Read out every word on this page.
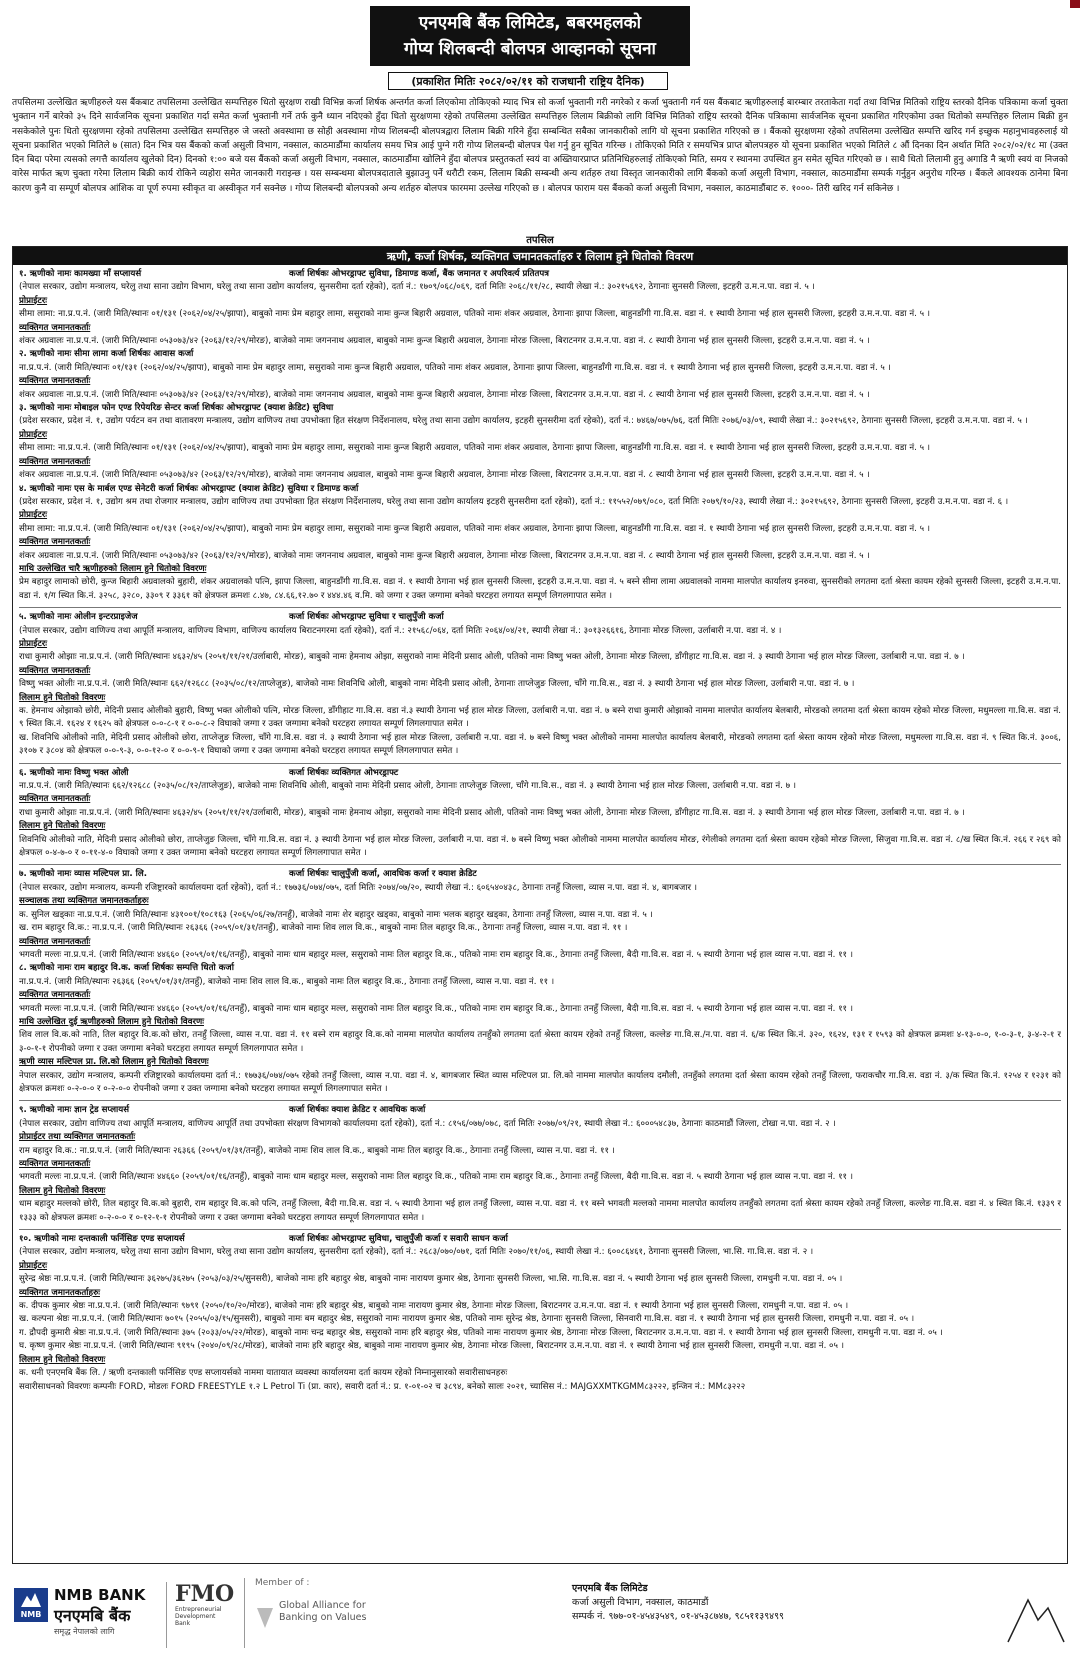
एनएमबि बैंक लिमिटेड, बबरमहलको
गोप्य शिलबन्दी बोलपत्र आव्हानको सूचना
(प्रकाशित मितिः २०८२/०२/११ को राजधानी राष्ट्रिय दैनिक)
तपसिलमा उल्लेखित ऋणीहरुले यस बैंकबाट तपसिलमा उल्लेखित सम्पत्तिहरु धितो सुरक्षण राखी विभिन्न कर्जा शिर्षक अन्तर्गत कर्जा लिएकोमा तोकिएको म्याद भित्र सो कर्जा भुक्तानी गरी नगरेको र कर्जा भुक्तानी गर्न यस बैंकबाट ऋणीहरुलाई बारम्बार तरताकेता गर्दा तथा विभिन्न मितिको राष्ट्रिय स्तरको दैनिक पत्रिकामा कर्जा चुक्ता भुक्तान गर्ने बारेको ३५ दिने सार्वजनिक सूचना प्रकाशित गर्दा समेत कर्जा भुक्तानी गर्ने तर्फ कुनै ध्यान नदिएको हुँदा धितो सुरक्षणमा रहेको तपसिलमा उल्लेखित सम्पत्तिहरु लिलाम बिक्रीको लागि विभिन्न मितिको राष्ट्रिय स्तरको दैनिक पत्रिकामा सार्वजनिक सूचना प्रकाशित गरिएकोमा उक्त धितोको सम्पत्तिहरु लिलाम बिक्री हुन नसकेकोले पुनः धितो सुरक्षणमा रहेको तपसिलमा उल्लेखित सम्पत्तिहरु जे जस्तो अवस्थामा छ सोही अवस्थामा गोप्य शिलबन्दी बोलपत्रद्वारा लिलाम बिक्री गरिने हुँदा सम्बन्धित सबैका जानकारीको लागि यो सूचना प्रकाशित गरिएको छ । बैंकको सुरक्षणमा रहेको तपसिलमा उल्लेखित सम्पत्ति खरिद गर्न इच्छुक महानुभावहरुलाई यो सूचना प्रकाशित भएको मितिले ७ (सात) दिन भित्र यस बैंकको कर्जा असुली विभाग, नक्साल, काठमाडौंमा कार्यालय समय भित्र आई पुग्ने गरी गोप्य शिलबन्दी बोलपत्र पेश गर्नु हुन सूचित गरिन्छ । तोकिएको मिति र समयभित्र प्राप्त बोलपत्रहरु यो सूचना प्रकाशित भएको मितिले ८ औं दिनका दिन अर्थात मिति २०८२/०२/१८ मा (उक्त दिन बिदा परेमा त्यसको लगत्तै कार्यालय खुलेको दिन) दिनको १:०० बजे यस बैंकको कर्जा असुली विभाग, नक्साल, काठमाडौंमा खोलिने हुँदा बोलपत्र प्रस्तुतकर्ता स्वयं वा अख्तियारप्राप्त प्रतिनिधिहरुलाई तोकिएको मिति, समय र स्थानमा उपस्थित हुन समेत सूचित गरिएको छ । साथै धितो लिलामी हुनु अगाडि नै ऋणी स्वयं वा निजको वारेस मार्फत ऋण चुक्ता गरेमा लिलाम बिक्री कार्य रोकिने व्यहोरा समेत जानकारी गराइन्छ । यस सम्बन्धमा बोलपत्रदाताले बुझाउनु पर्ने धरौटी रकम, लिलाम बिक्री सम्बन्धी अन्य शर्तहरु तथा विस्तृत जानकारीको लागि बैंकको कर्जा असुली विभाग, नक्साल, काठमाडौंमा सम्पर्क गर्नुहुन अनुरोध गरिन्छ । बैंकले आवश्यक ठानेमा बिना कारण कुनै वा सम्पूर्ण बोलपत्र आंशिक वा पूर्ण रुपमा स्वीकृत वा अस्वीकृत गर्न सक्नेछ । गोप्य शिलबन्दी बोलपत्रको अन्य शर्तहरु बोलपत्र फारममा उल्लेख गरिएको छ । बोलपत्र फाराम यस बैंकको कर्जा असुली विभाग, नक्साल, काठमाडौंबाट रु. १०००- तिरी खरिद गर्न सकिनेछ ।
तपसिल
ऋणी, कर्जा शिर्षक, व्यक्तिगत जमानतकर्ताहरु र लिलाम हुने धितोको विवरण
१. ऋणीको नामः कामख्या माँ सप्लायर्स	कर्जा शिर्षकः ओभरड्राफ्ट सुविधा, डिमाण्ड कर्जा, बैंक जमानत र अपरिवर्त्य प्रतितपत्र
(नेपाल सरकार, उद्योग मन्त्रालय, घरेलु तथा साना उद्योग विभाग, घरेलु तथा साना उद्योग कार्यालय, सुनसरीमा दर्ता रहेको), दर्ता नं.: १७०९/०६८/०६९, दर्ता मितिः २०६८/११/२८, स्थायी लेखा नं.: ३०२१५६९२, ठेगानाः सुनसरी जिल्ला, इटहरी उ.म.न.पा. वडा नं. ५ ।
प्रोप्राईटरः
सीमा लामा: ना.प्र.प.नं. (जारी मिति/स्थानः ०१/१३१ (२०६२/०४/२५/झापा), बाबुको नामः प्रेम बहादुर लामा, ससुराको नामः कुन्ज बिहारी अग्रवाल, पतिको नामः शंकर अग्रवाल, ठेगानाः झापा जिल्ला, बाहुनडाँगी गा.वि.स. वडा नं. १ स्थायी ठेगाना भई हाल सुनसरी जिल्ला, इटहरी उ.म.न.पा. वडा नं. ५ ।
व्यक्तिगत जमानतकर्ताः
शंकर अग्रवालः ना.प्र.प.नं. (जारी मिति/स्थानः ०५३०७३/४२ (२०६३/१२/२९/मोरङ), बाजेको नामः जगननाथ अग्रवाल, बाबुको नामः कुन्ज बिहारी अग्रवाल, ठेगानाः मोरङ जिल्ला, बिराटनगर उ.म.न.पा. वडा नं. ८ स्थायी ठेगाना भई हाल सुनसरी जिल्ला, इटहरी उ.म.न.पा. वडा नं. ५ ।
२. ऋणीको नामः सीमा लामा कर्जा शिर्षकः आवास कर्जा
ना.प्र.प.नं. (जारी मिति/स्थानः ०१/१३१ (२०६२/०४/२५/झापा), बाबुको नामः प्रेम बहादुर लामा, ससुराको नामः कुन्ज बिहारी अग्रवाल, पतिको नामः शंकर अग्रवाल, ठेगानाः झापा जिल्ला, बाहुनडाँगी गा.वि.स. वडा नं. १ स्थायी ठेगाना भई हाल सुनसरी जिल्ला, इटहरी उ.म.न.पा. वडा नं. ५ ।
व्यक्तिगत जमानतकर्ताः
शंकर अग्रवालः ना.प्र.प.नं. (जारी मिति/स्थानः ०५३०७३/४२ (२०६३/१२/२९/मोरङ), बाजेको नामः जगननाथ अग्रवाल, बाबुको नामः कुन्ज बिहारी अग्रवाल, ठेगानाः मोरङ जिल्ला, बिराटनगर उ.म.न.पा. वडा नं. ८ स्थायी ठेगाना भई हाल सुनसरी जिल्ला, इटहरी उ.म.न.पा. वडा नं. ५ ।
३. ऋणीको नामः मोबाइल फोन एण्ड रिपेयरिङ सेन्टर कर्जा शिर्षकः ओभरड्राफ्ट (क्याश क्रेडिट) सुविधा
(प्रदेश सरकार, प्रदेश नं. १, उद्योग पर्यटन वन तथा वातावरण मन्त्रालय, उद्योग वाणिज्य तथा उपभोक्ता हित संरक्षण निर्देशनालय, घरेलु तथा साना उद्योग कार्यालय, इटहरी सुनसरीमा दर्ता रहेको), दर्ता नं.: ७४६७/०७५/७६, दर्ता मितिः २०७६/०३/०९, स्थायी लेखा नं.: ३०२१५६९२, ठेगानाः सुनसरी जिल्ला, इटहरी उ.म.न.पा. वडा नं. ५ ।
प्रोप्राईटरः
सीमा लामा: ना.प्र.प.नं. (जारी मिति/स्थानः ०१/१३१ (२०६२/०४/२५/झापा), बाबुको नामः प्रेम बहादुर लामा, ससुराको नामः कुन्ज बिहारी अग्रवाल, पतिको नामः शंकर अग्रवाल, ठेगानाः झापा जिल्ला, बाहुनडाँगी गा.वि.स. वडा नं. १ स्थायी ठेगाना भई हाल सुनसरी जिल्ला, इटहरी उ.म.न.पा. वडा नं. ५ ।
व्यक्तिगत जमानतकर्ताः
शंकर अग्रवालः ना.प्र.प.नं. (जारी मिति/स्थानः ०५३०७३/४२ (२०६३/१२/२९/मोरङ), बाजेको नामः जगननाथ अग्रवाल, बाबुको नामः कुन्ज बिहारी अग्रवाल, ठेगानाः मोरङ जिल्ला, बिराटनगर उ.म.न.पा. वडा नं. ८ स्थायी ठेगाना भई हाल सुनसरी जिल्ला, इटहरी उ.म.न.पा. वडा नं. ५ ।
४. ऋणीको नामः एस के मार्बल एण्ड सेनेटरी कर्जा शिर्षकः ओभरड्राफ्ट (क्याश क्रेडिट) सुविधा र डिमाण्ड कर्जा
(प्रदेश सरकार, प्रदेश नं. १, उद्योग श्रम तथा रोजगार मन्त्रालय, उद्योग वाणिज्य तथा उपभोक्ता हित संरक्षण निर्देशनालय, घरेलु तथा साना उद्योग कार्यालय इटहरी सुनसरीमा दर्ता रहेको), दर्ता नं.: ११५५२/०७९/०८०, दर्ता मितिः २०७९/१०/२३, स्थायी लेखा नं.: ३०२१५६९२, ठेगानाः सुनसरी जिल्ला, इटहरी उ.म.न.पा. वडा नं. ६ ।
प्रोप्राईटरः
सीमा लामा: ना.प्र.प.नं. (जारी मिति/स्थानः ०१/१३१ (२०६२/०४/२५/झापा), बाबुको नामः प्रेम बहादुर लामा, ससुराको नामः कुन्ज बिहारी अग्रवाल, पतिको नामः शंकर अग्रवाल, ठेगानाः झापा जिल्ला, बाहुनडाँगी गा.वि.स. वडा नं. १ स्थायी ठेगाना भई हाल सुनसरी जिल्ला, इटहरी उ.म.न.पा. वडा नं. ५ ।
व्यक्तिगत जमानतकर्ताः
शंकर अग्रवालः ना.प्र.प.नं. (जारी मिति/स्थानः ०५३०७३/४२ (२०६३/१२/२९/मोरङ), बाजेको नामः जगननाथ अग्रवाल, बाबुको नामः कुन्ज बिहारी अग्रवाल, ठेगानाः मोरङ जिल्ला, बिराटनगर उ.म.न.पा. वडा नं. ८ स्थायी ठेगाना भई हाल सुनसरी जिल्ला, इटहरी उ.म.न.पा. वडा नं. ५ ।
माथि उल्लेखित चारै ऋणीहरुको लिलाम हुने धितोको विवरणः
प्रेम बहादुर लामाको छोरी, कुन्ज बिहारी अग्रवालको बुहारी, शंकर अग्रवालको पत्नि, झापा जिल्ला, बाहुनडाँगी गा.वि.स. वडा नं. १ स्थायी ठेगाना भई हाल सुनसरी जिल्ला, इटहरी उ.म.न.पा. वडा नं. ५ बस्ने सीमा लामा अग्रवालको नाममा मालपोत कार्यालय इनरुवा, सुनसरीको लगतमा दर्ता श्रेस्ता कायम रहेको सुनसरी जिल्ला, इटहरी उ.म.न.पा. वडा नं. १/ग स्थित कि.नं. ३२५८, ३२८०, ३३०९ र ३३६१ को क्षेत्रफल क्रमशः ८.४७, ८४.६६,१२.७० र ४४४.४६ व.मि. को जग्गा र उक्त जग्गामा बनेको घरटहरा लगायत सम्पूर्ण लिगलगापात समेत ।
५. ऋणीको नामः ओलीन इन्टरप्राइजेज	कर्जा शिर्षकः ओभरड्राफ्ट सुविधा र चालुपुँजी कर्जा
(नेपाल सरकार, उद्योग वाणिज्य तथा आपूर्ति मन्त्रालय, वाणिज्य विभाग, वाणिज्य कार्यालय बिराटनगरमा दर्ता रहेको), दर्ता नं.: २१५६८/०६४, दर्ता मितिः २०६४/०४/२१, स्थायी लेखा नं.: ३०१३२६६१६, ठेगानाः मोरङ जिल्ला, उर्लाबारी न.पा. वडा नं. ४ ।
प्रोप्राईटरः
राधा कुमारी ओझाः ना.प्र.प.नं. (जारी मिति/स्थानः ४६३२/४५ (२०५१/११/२१/उर्लाबारी, मोरङ), बाबुको नामः हेमनाथ ओझा, ससुराको नामः मेदिनी प्रसाद ओली, पतिको नामः विष्णु भक्त ओली, ठेगानाः मोरङ जिल्ला, डाँगीहाट गा.वि.स. वडा नं. ३ स्थायी ठेगाना भई हाल मोरङ जिल्ला, उर्लाबारी न.पा. वडा नं. ७ ।
व्यक्तिगत जमानतकर्ताः
विष्णु भक्त ओलीः ना.प्र.प.नं. (जारी मिति/स्थानः ६६२/१२६८८ (२०३५/०८/१२/ताप्लेजुङ), बाजेको नामः शिवनिधि ओली, बाबुको नामः मेदिनी प्रसाद ओली, ठेगानाः ताप्लेजुङ जिल्ला, चाँगे गा.वि.स., वडा नं. ३ स्थायी ठेगाना भई हाल मोरङ जिल्ला, उर्लाबारी न.पा. वडा नं. ७ ।
लिलाम हुने धितोको विवरणः
क. हेमनाथ ओझाको छोरी, मेदिनी प्रसाद ओलीको बुहारी, विष्णु भक्त ओलीको पत्नि, मोरङ जिल्ला, डाँगीहाट गा.वि.स. वडा नं.३ स्थायी ठेगाना भई हाल मोरङ जिल्ला, उर्लाबारी न.पा. वडा नं. ७ बस्ने राधा कुमारी ओझाको नाममा मालपोत कार्यालय बेलबारी, मोरङको लगतमा दर्ता श्रेस्ता कायम रहेको मोरङ जिल्ला, मधुमल्ला गा.वि.स. वडा नं. ९ स्थित कि.नं. १६२४ र १६२५ को क्षेत्रफल ०-०-८-१ र ०-०-८-२ विघाको जग्गा र उक्त जग्गामा बनेको घरटहरा लगायत सम्पूर्ण लिगलगापात समेत ।
ख. शिवनिधि ओलीको नाति, मेदिनी प्रसाद ओलीको छोरा, ताप्लेजुङ जिल्ला, चाँगे गा.वि.स. वडा नं. ३ स्थायी ठेगाना भई हाल मोरङ जिल्ला, उर्लाबारी न.पा. वडा नं. ७ बस्ने विष्णु भक्त ओलीको नाममा मालपोत कार्यालय बेलबारी, मोरङको लगतमा दर्ता श्रेस्ता कायम रहेको मोरङ जिल्ला, मधुमल्ला गा.वि.स. वडा नं. ९ स्थित कि.नं. ३००६, ३१०७ र ३८०४ को क्षेत्रफल ०-०-९-३, ०-०-१२-० र ०-०-९-१ विघाको जग्गा र उक्त जग्गामा बनेको घरटहरा लगायत सम्पूर्ण लिगलगापात समेत ।
६. ऋणीको नामः विष्णु भक्त ओली	कर्जा शिर्षकः व्यक्तिगत ओभरड्राफ्ट
ना.प्र.प.नं. (जारी मिति/स्थानः ६६२/१२६८८ (२०३५/०८/१२/ताप्लेजुङ), बाजेको नामः शिवनिधि ओली, बाबुको नामः मेदिनी प्रसाद ओली, ठेगानाः ताप्लेजुङ जिल्ला, चाँगे गा.वि.स., वडा नं. ३ स्थायी ठेगाना भई हाल मोरङ जिल्ला, उर्लाबारी न.पा. वडा नं. ७ ।
व्यक्तिगत जमानतकर्ताः
राधा कुमारी ओझाः ना.प्र.प.नं. (जारी मिति/स्थानः ४६३२/४५ (२०५१/११/२१/उर्लाबारी, मोरङ), बाबुको नामः हेमनाथ ओझा, ससुराको नामः मेदिनी प्रसाद ओली, पतिको नामः विष्णु भक्त ओली, ठेगानाः मोरङ जिल्ला, डाँगीहाट गा.वि.स. वडा नं. ३ स्थायी ठेगाना भई हाल मोरङ जिल्ला, उर्लाबारी न.पा. वडा नं. ७ ।
लिलाम हुने धितोको विवरणः
शिवनिधि ओलीको नाति, मेदिनी प्रसाद ओलीको छोरा, ताप्लेजुङ जिल्ला, चाँगे गा.वि.स. वडा नं. ३ स्थायी ठेगाना भई हाल मोरङ जिल्ला, उर्लाबारी न.पा. वडा नं. ७ बस्ने विष्णु भक्त ओलीको नाममा मालपोत कार्यालय मोरङ, रंगेलीको लगतमा दर्ता श्रेस्ता कायम रहेको मोरङ जिल्ला, सिजुवा गा.वि.स. वडा नं. ८/ख स्थित कि.नं. २६६ र २६९ को क्षेत्रफल ०-४-७-० र ०-११-४-० विघाको जग्गा र उक्त जग्गामा बनेको घरटहरा लगायत सम्पूर्ण लिगलगापात समेत ।
७. ऋणीको नामः व्यास मल्टिपल प्रा. लि.	कर्जा शिर्षकः चालुपुँजी कर्जा, आवधिक कर्जा र क्याश क्रेडिट
(नेपाल सरकार, उद्योग मन्त्रालय, कम्पनी रजिष्ट्रारको कार्यालयमा दर्ता रहेको), दर्ता नं.: १७७३६/०७४/०७५, दर्ता मितिः २०७४/०७/२०, स्थायी लेखा नं.: ६०६५४०४३८, ठेगानाः तनहुँ जिल्ला, व्यास न.पा. वडा नं. ४, बागबजार ।
सञ्चालक तथा व्यक्तिगत जमानतकर्ताहरुः
क. सुनिल खड्काः ना.प्र.प.नं. (जारी मिति/स्थानः ४३१००१/१०८१६३ (२०६५/०६/२७/तनहुँ), बाजेको नामः शेर बहादुर खड्का, बाबुको नामः भलक बहादुर खड्का, ठेगानाः तनहुँ जिल्ला, व्यास न.पा. वडा नं. ५ ।
ख. राम बहादुर वि.क.: ना.प्र.प.नं. (जारी मिति/स्थानः २६३६६ (२०५९/०१/३१/तनहुँ), बाजेको नामः शिव लाल वि.क., बाबुको नामः तिल बहादुर वि.क., ठेगानाः तनहुँ जिल्ला, व्यास न.पा. वडा नं. ११ ।
व्यक्तिगत जमानतकर्ताः
भगवती मल्लः ना.प्र.प.नं. (जारी मिति/स्थानः ४४६६० (२०५९/०१/१६/तनहुँ), बाबुको नामः धाम बहादुर मल्ल, ससुराको नामः तिल बहादुर वि.क., पतिको नामः राम बहादुर वि.क., ठेगानाः तनहुँ जिल्ला, बैदी गा.वि.स. वडा नं. ५ स्थायी ठेगाना भई हाल व्यास न.पा. वडा नं. ११ ।
८. ऋणीको नामः राम बहादुर वि.क. कर्जा शिर्षकः सम्पत्ति धितो कर्जा
ना.प्र.प.नं. (जारी मिति/स्थानः २६३६६ (२०५९/०१/३१/तनहुँ), बाजेको नामः शिव लाल वि.क., बाबुको नामः तिल बहादुर वि.क., ठेगानाः तनहुँ जिल्ला, व्यास न.पा. वडा नं. ११ ।
व्यक्तिगत जमानतकर्ताः
भगवती मल्लः ना.प्र.प.नं. (जारी मिति/स्थानः ४४६६० (२०५९/०१/१६/तनहुँ), बाबुको नामः धाम बहादुर मल्ल, ससुराको नामः तिल बहादुर वि.क., पतिको नामः राम बहादुर वि.क., ठेगानाः तनहुँ जिल्ला, बैदी गा.वि.स. वडा नं. ५ स्थायी ठेगाना भई हाल व्यास न.पा. वडा नं. ११ ।
माथि उल्लेखित दुई ऋणीहरुको लिलाम हुने धितोको विवरणः
शिव लाल वि.क.को नाति, तिल बहादुर वि.क.को छोरा, तनहुँ जिल्ला, व्यास न.पा. वडा नं. ११ बस्ने राम बहादुर वि.क.को नाममा मालपोत कार्यालय तनहुँको लगतमा दर्ता श्रेस्ता कायम रहेको तनहुँ जिल्ला, कल्लेङ गा.वि.स./न.पा. वडा नं. ६/क स्थित कि.नं. ३२०, १६२४, १३१ र १५९३ को क्षेत्रफल क्रमशः ४-१३-०-०, १-०-३-१, ३-४-२-१ र ३-०-१-१ रोपनीको जग्गा र उक्त जग्गामा बनेको घरटहरा लगायत सम्पूर्ण लिगलगापात समेत ।
ऋणी व्यास मल्टिपल प्रा. लि.को लिलाम हुने धितोको विवरणः
नेपाल सरकार, उद्योग मन्त्रालय, कम्पनी रजिष्ट्रारको कार्यालयमा दर्ता नं.: १७७३६/०७४/०७५ रहेको तनहुँ जिल्ला, व्यास न.पा. वडा नं. ४, बागबजार स्थित व्यास मल्टिपल प्रा. लि.को नाममा मालपोत कार्यालय दमौली, तनहुँको लगतमा दर्ता श्रेस्ता कायम रहेको तनहुँ जिल्ला, फराकचौर गा.वि.स. वडा नं. ३/क स्थित कि.नं. १२५४ र १२३१ को क्षेत्रफल क्रमशः ०-२-०-० र ०-२-०-० रोपनीको जग्गा र उक्त जग्गामा बनेको घरटहरा लगायत सम्पूर्ण लिगलगापात समेत ।
९. ऋणीको नामः ज्ञान ट्रेड सप्लायर्स	कर्जा शिर्षकः क्याश क्रेडिट र आवधिक कर्जा
(नेपाल सरकार, उद्योग वाणिज्य तथा आपूर्ति मन्त्रालय, वाणिज्य आपूर्ति तथा उपभोक्ता संरक्षण विभागको कार्यालयमा दर्ता रहेको), दर्ता नं.: ८१५६/०७७/०७८, दर्ता मितिः २०७७/०९/२१, स्थायी लेखा नं.: ६०००५४८३७, ठेगानाः काठमाडौं जिल्ला, टोखा न.पा. वडा नं. २ ।
प्रोप्राईटर तथा व्यक्तिगत जमानतकर्ताः
राम बहादुर वि.क.: ना.प्र.प.नं. (जारी मिति/स्थानः २६३६६ (२०५९/०१/३१/तनहुँ), बाजेको नामः शिव लाल वि.क., बाबुको नामः तिल बहादुर वि.क., ठेगानाः तनहुँ जिल्ला, व्यास न.पा. वडा नं. ११ ।
व्यक्तिगत जमानतकर्ताः
भगवती मल्लः ना.प्र.प.नं. (जारी मिति/स्थानः ४४६६० (२०५९/०१/१६/तनहुँ), बाबुको नामः धाम बहादुर मल्ल, ससुराको नामः तिल बहादुर वि.क., पतिको नामः राम बहादुर वि.क., ठेगानाः तनहुँ जिल्ला, बैदी गा.वि.स. वडा नं. ५ स्थायी ठेगाना भई हाल व्यास न.पा. वडा नं. ११ ।
लिलाम हुने धितोको विवरणः
धाम बहादुर मल्लको छोरी, तिल बहादुर वि.क.को बुहारी, राम बहादुर वि.क.को पत्नि, तनहुँ जिल्ला, बैदी गा.वि.स. वडा नं. ५ स्थायी ठेगाना भई हाल तनहुँ जिल्ला, व्यास न.पा. वडा नं. ११ बस्ने भगवती मल्लको नाममा मालपोत कार्यालय तनहुँको लगतमा दर्ता श्रेस्ता कायम रहेको तनहुँ जिल्ला, कल्लेङ गा.वि.स. वडा नं. ४ स्थित कि.नं. १३३९ र १३३३ को क्षेत्रफल क्रमशः ०-२-०-० र ०-१२-१-१ रोपनीको जग्गा र उक्त जग्गामा बनेको घरटहरा लगायत सम्पूर्ण लिगलगापात समेत ।
१०. ऋणीको नामः दन्तकाली फर्निसिङ एण्ड सप्लायर्स	कर्जा शिर्षकः ओभरड्राफ्ट सुविधा, चालुपुँजी कर्जा र सवारी साधन कर्जा
(नेपाल सरकार, उद्योग मन्त्रालय, घरेलु तथा साना उद्योग विभाग, घरेलु तथा साना उद्योग कार्यालय, सुनसरीमा दर्ता रहेको), दर्ता नं.: २६८३/०७०/०७१, दर्ता मितिः २०७०/११/०६, स्थायी लेखा नं.: ६००८६४६१, ठेगानाः सुनसरी जिल्ला, भा.सि. गा.वि.स. वडा नं. २ ।
प्रोप्राईटरः
सुरेन्द्र श्रेष्ठः ना.प्र.प.नं. (जारी मिति/स्थानः ३६२७५/३६२७५ (२०५३/०३/२५/सुनसरी), बाजेको नामः हरि बहादुर श्रेष्ठ, बाबुको नामः नारायण कुमार श्रेष्ठ, ठेगानाः सुनसरी जिल्ला, भा.सि. गा.वि.स. वडा नं. ५ स्थायी ठेगाना भई हाल सुनसरी जिल्ला, रामधुनी न.पा. वडा नं. ०५ ।
व्यक्तिगत जमानतकर्ताहरुः
क. दीपक कुमार श्रेष्ठः ना.प्र.प.नं. (जारी मिति/स्थानः ९७९१ (२०५०/१०/२०/मोरङ), बाजेको नामः हरि बहादुर श्रेष्ठ, बाबुको नामः नारायण कुमार श्रेष्ठ, ठेगानाः मोरङ जिल्ला, बिराटनगर उ.म.न.पा. वडा नं. १ स्थायी ठेगाना भई हाल सुनसरी जिल्ला, रामधुनी न.पा. वडा नं. ०५ ।
ख. कल्पना श्रेष्ठः ना.प्र.प.नं. (जारी मिति/स्थानः ७०१५ (२०५५/०३/१५/सुनसरी), बाबुको नामः बम बहादुर श्रेष्ठ, ससुराको नामः नारायण कुमार श्रेष्ठ, पतिको नामः सुरेन्द्र श्रेष्ठ, ठेगानाः सुनसरी जिल्ला, सिनवारी गा.वि.स. वडा नं. १ स्थायी ठेगाना भई हाल सुनसरी जिल्ला, रामधुनी न.पा. वडा नं. ०५ ।
ग. द्रौपदी कुमारी श्रेष्ठः ना.प्र.प.नं. (जारी मिति/स्थानः ३७५ (२०३३/०५/२२/मोरङ), बाबुको नामः चन्द्र बहादुर श्रेष्ठ, ससुराको नामः हरि बहादुर श्रेष्ठ, पतिको नामः नारायण कुमार श्रेष्ठ, ठेगानाः मोरङ जिल्ला, बिराटनगर उ.म.न.पा. वडा नं. १ स्थायी ठेगाना भई हाल सुनसरी जिल्ला, रामधुनी न.पा. वडा नं. ०५ ।
घ. कृष्ण कुमार श्रेष्ठः ना.प्र.प.नं. (जारी मिति/स्थानः ९१९५ (२०४०/०९/२८/मोरङ), बाजेको नामः हरि बहादुर श्रेष्ठ, बाबुको नामः नारायण कुमार श्रेष्ठ, ठेगानाः मोरङ जिल्ला, बिराटनगर उ.म.न.पा. वडा नं. १ स्थायी ठेगाना भई हाल सुनसरी जिल्ला, रामधुनी न.पा. वडा नं. ०५ ।
लिलाम हुने धितोको विवरणः
क. धनी एनएमबि बैंक लि. / ऋणी दन्तकाली फर्निसिङ एण्ड सप्लायर्सको नाममा यातायात व्यवस्था कार्यालयमा दर्ता कायम रहेको निम्नानुसारको सवारीसाधनहरुः
सवारीसाधनको विवरणः कम्पनीः FORD, मोडलः FORD FREESTYLE १.२ L Petrol Ti (प्रा. कार), सवारी दर्ता नं.: प्र. १-०१-०२ च ३८९४, बनेको सालः २०२१, च्यासिस नं.: MAJGXXMTKGMM८३२२२, इन्जिन नं.: MM८३२२२
NMB
NMB BANK
एनएमबि बैंक
समृद्ध नेपालको लागि
FMO
Entrepreneurial Development Bank
Member of :
Global Alliance for Banking on Values
एनएमबि बैंक लिमिटेड
कर्जा असुली विभाग, नक्साल, काठमाडौं
सम्पर्क नं. ९७७-०१-४५४३५४९, ०१-४५३८७४७, ९८५११३९४९९
